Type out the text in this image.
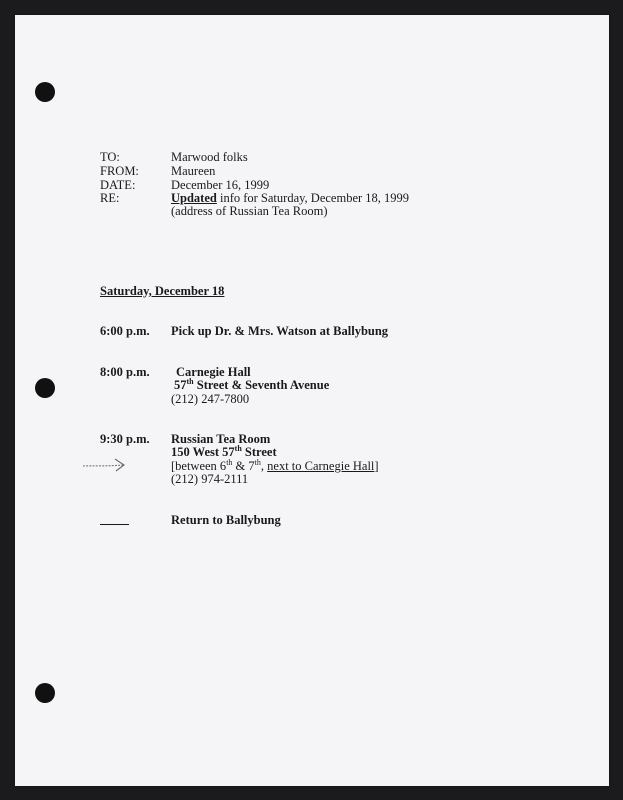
TO:	Marwood folks
FROM:	Maureen
DATE:	December 16, 1999
RE:	Updated info for Saturday, December 18, 1999
(address of Russian Tea Room)
Saturday, December 18
6:00 p.m. Pick up Dr. & Mrs. Watson at Ballybung
8:00 p.m. Carnegie Hall
57th Street & Seventh Avenue
(212) 247-7800
9:30 p.m. Russian Tea Room
150 West 57th Street
[between 6th & 7th, next to Carnegie Hall]
(212) 974-2111
Return to Ballybung
